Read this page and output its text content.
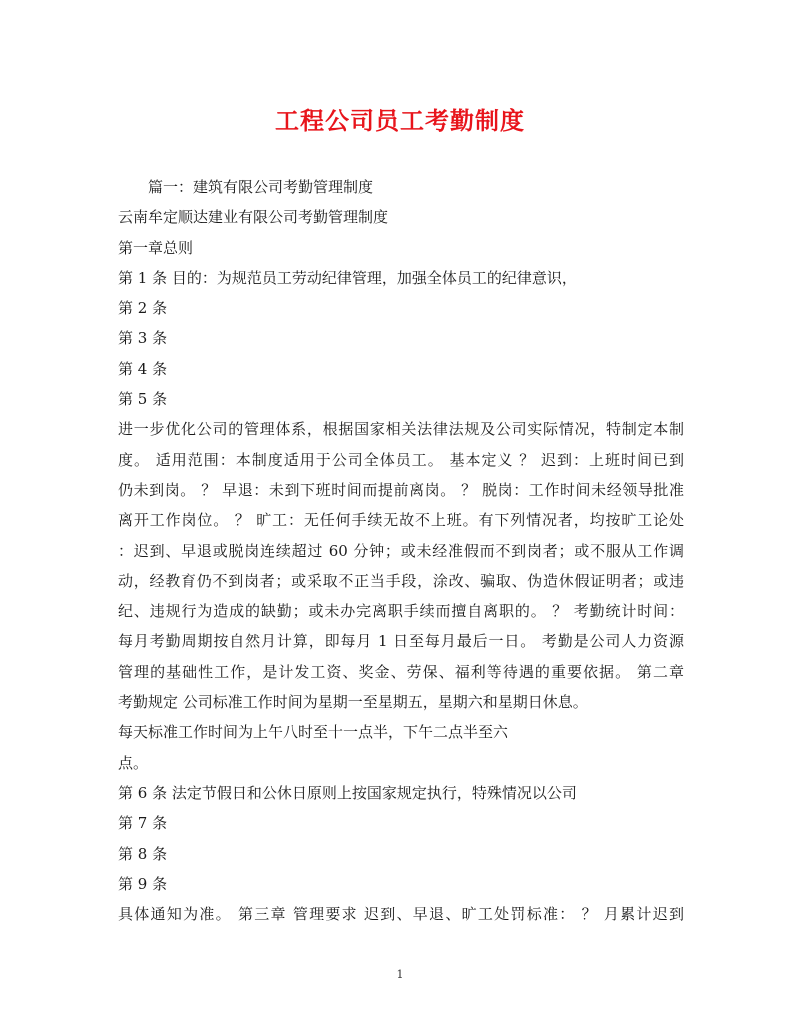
工程公司员工考勤制度
篇一：建筑有限公司考勤管理制度
云南牟定顺达建业有限公司考勤管理制度
第一章总则
第 1 条 目的：为规范员工劳动纪律管理，加强全体员工的纪律意识，
第 2 条
第 3 条
第 4 条
第 5 条
进一步优化公司的管理体系，根据国家相关法律法规及公司实际情况，特制定本制
度。 适用范围：本制度适用于公司全体员工。 基本定义 ？ 迟到：上班时间已到
仍未到岗。 ？ 早退：未到下班时间而提前离岗。 ？ 脱岗：工作时间未经领导批准
离开工作岗位。 ？ 旷工：无任何手续无故不上班。有下列情况者，均按旷工论处
：迟到、早退或脱岗连续超过 60 分钟；或未经准假而不到岗者；或不服从工作调
动，经教育仍不到岗者；或采取不正当手段，涂改、骗取、伪造休假证明者；或违
纪、违规行为造成的缺勤；或未办完离职手续而擅自离职的。 ？ 考勤统计时间：
每月考勤周期按自然月计算，即每月 1 日至每月最后一日。 考勤是公司人力资源
管理的基础性工作，是计发工资、奖金、劳保、福利等待遇的重要依据。 第二章
考勤规定 公司标准工作时间为星期一至星期五，星期六和星期日休息。
每天标准工作时间为上午八时至十一点半，下午二点半至六
点。
第 6 条 法定节假日和公休日原则上按国家规定执行，特殊情况以公司
第 7 条
第 8 条
第 9 条
具体通知为准。 第三章 管理要求 迟到、早退、旷工处罚标准： ？ 月累计迟到
1
